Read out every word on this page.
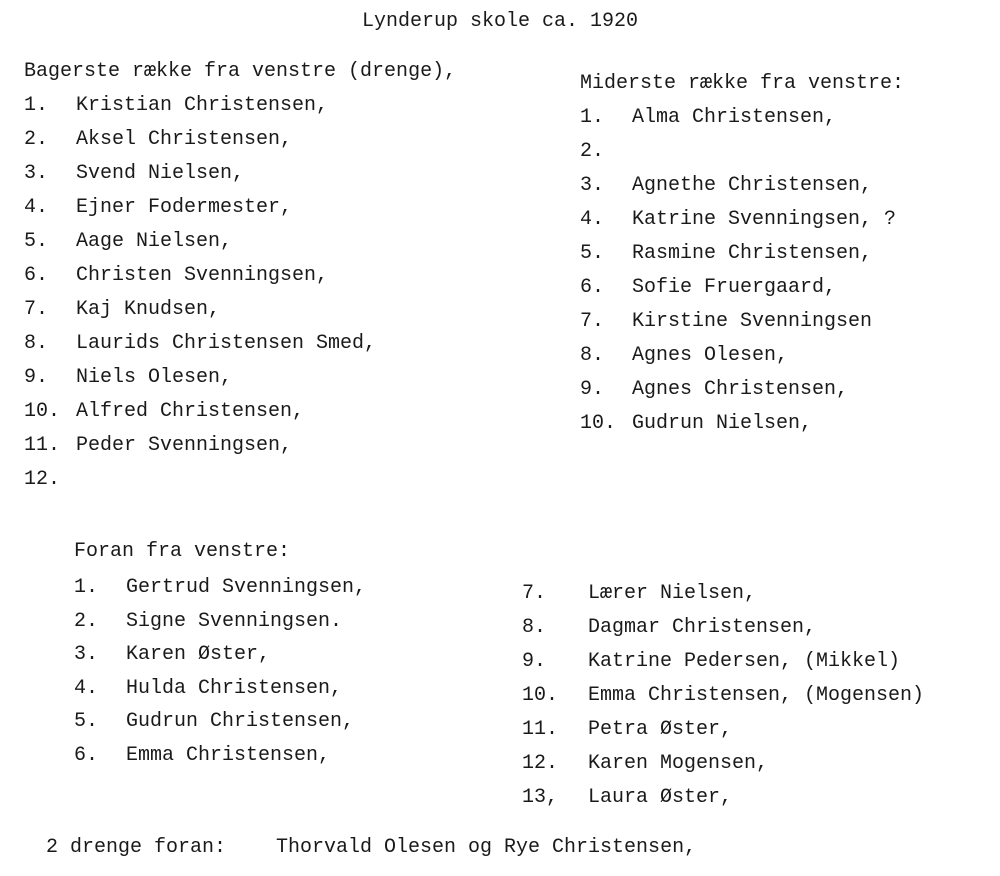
Lynderup skole ca. 1920
Bagerste række fra venstre (drenge),
1. Kristian Christensen,
2. Aksel Christensen,
3. Svend Nielsen,
4. Ejner Fodermester,
5. Aage Nielsen,
6. Christen Svenningsen,
7. Kaj Knudsen,
8. Laurids Christensen Smed,
9. Niels Olesen,
10. Alfred Christensen,
11. Peder Svenningsen,
12.
Miderste række fra venstre:
1. Alma Christensen,
2.
3. Agnethe Christensen,
4. Katrine Svenningsen, ?
5. Rasmine Christensen,
6. Sofie Fruergaard,
7. Kirstine Svenningsen
8. Agnes Olesen,
9. Agnes Christensen,
10. Gudrun Nielsen,
Foran fra venstre:
1. Gertrud Svenningsen,
2. Signe Svenningsen.
3. Karen Øster,
4. Hulda Christensen,
5. Gudrun Christensen,
6. Emma Christensen,
7. Lærer Nielsen,
8. Dagmar Christensen,
9. Katrine Pedersen, (Mikkel)
10. Emma Christensen, (Mogensen)
11. Petra Øster,
12. Karen Mogensen,
13, Laura Øster,
2 drenge foran: Thorvald Olesen og Rye Christensen,
